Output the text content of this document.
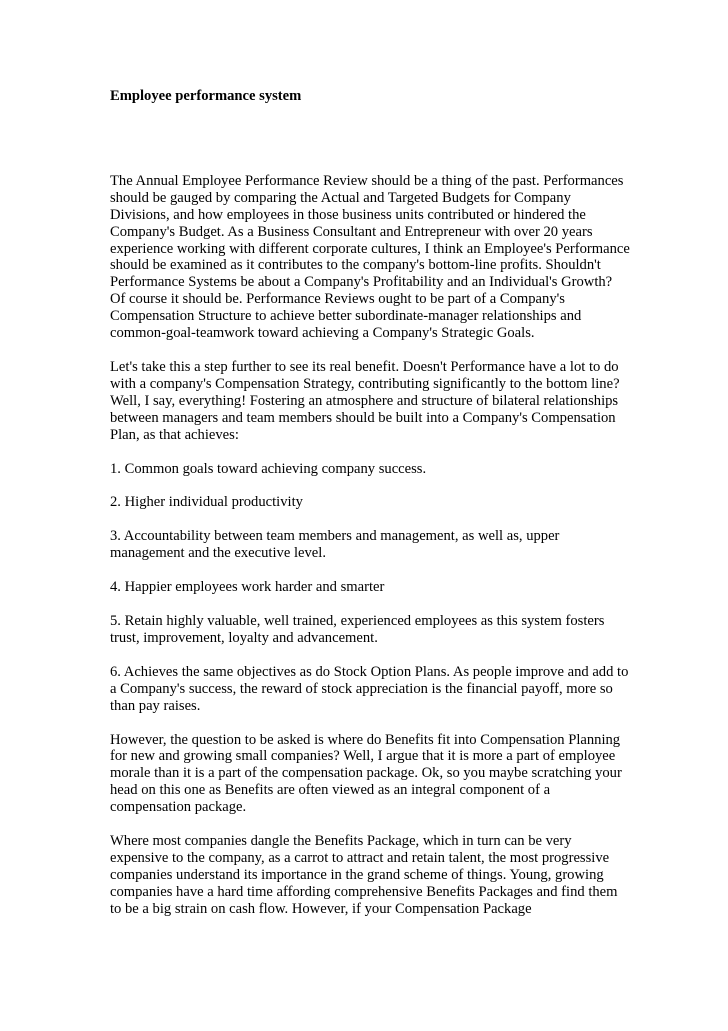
Employee performance system

The Annual Employee Performance Review should be a thing of the past. Performances should be gauged by comparing the Actual and Targeted Budgets for Company Divisions, and how employees in those business units contributed or hindered the Company's Budget. As a Business Consultant and Entrepreneur with over 20 years experience working with different corporate cultures, I think an Employee's Performance should be examined as it contributes to the company's bottom-line profits. Shouldn't Performance Systems be about a Company's Profitability and an Individual's Growth? Of course it should be. Performance Reviews ought to be part of a Company's Compensation Structure to achieve better subordinate-manager relationships and common-goal-teamwork toward achieving a Company's Strategic Goals.

Let's take this a step further to see its real benefit. Doesn't Performance have a lot to do with a company's Compensation Strategy, contributing significantly to the bottom line? Well, I say, everything! Fostering an atmosphere and structure of bilateral relationships between managers and team members should be built into a Company's Compensation Plan, as that achieves:

1. Common goals toward achieving company success.

2. Higher individual productivity

3. Accountability between team members and management, as well as, upper management and the executive level.

4. Happier employees work harder and smarter

5. Retain highly valuable, well trained, experienced employees as this system fosters trust, improvement, loyalty and advancement.

6. Achieves the same objectives as do Stock Option Plans. As people improve and add to a Company's success, the reward of stock appreciation is the financial payoff, more so than pay raises.

However, the question to be asked is where do Benefits fit into Compensation Planning for new and growing small companies? Well, I argue that it is more a part of employee morale than it is a part of the compensation package. Ok, so you maybe scratching your head on this one as Benefits are often viewed as an integral component of a compensation package.

Where most companies dangle the Benefits Package, which in turn can be very expensive to the company, as a carrot to attract and retain talent, the most progressive companies understand its importance in the grand scheme of things. Young, growing companies have a hard time affording comprehensive Benefits Packages and find them to be a big strain on cash flow. However, if your Compensation Package
